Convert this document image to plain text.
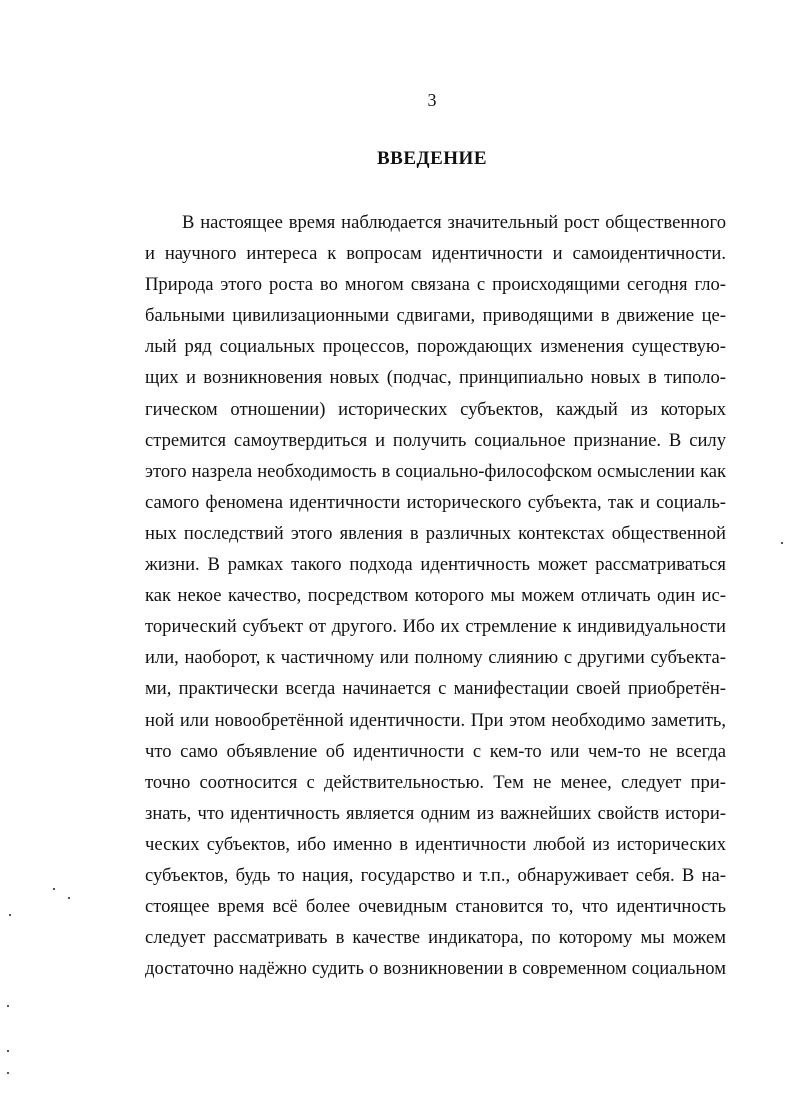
3
ВВЕДЕНИЕ
В настоящее время наблюдается значительный рост общественного
и научного интереса к вопросам идентичности и самоидентичности.
Природа этого роста во многом связана с происходящими сегодня гло-
бальными цивилизационными сдвигами, приводящими в движение це-
лый ряд социальных процессов, порождающих изменения существую-
щих и возникновения новых (подчас, принципиально новых в типоло-
гическом отношении) исторических субъектов, каждый из которых
стремится самоутвердиться и получить социальное признание. В силу
этого назрела необходимость в социально-философском осмыслении как
самого феномена идентичности исторического субъекта, так и социаль-
ных последствий этого явления в различных контекстах общественной
жизни. В рамках такого подхода идентичность может рассматриваться
как некое качество, посредством которого мы можем отличать один ис-
торический субъект от другого. Ибо их стремление к индивидуальности
или, наоборот, к частичному или полному слиянию с другими субъекта-
ми, практически всегда начинается с манифестации своей приобретён-
ной или новообретённой идентичности. При этом необходимо заметить,
что само объявление об идентичности с кем-то или чем-то не всегда
точно соотносится с действительностью. Тем не менее, следует при-
знать, что идентичность является одним из важнейших свойств истори-
ческих субъектов, ибо именно в идентичности любой из исторических
субъектов, будь то нация, государство и т.п., обнаруживает себя. В на-
стоящее время всё более очевидным становится то, что идентичность
следует рассматривать в качестве индикатора, по которому мы можем
достаточно надёжно судить о возникновении в современном социальном
